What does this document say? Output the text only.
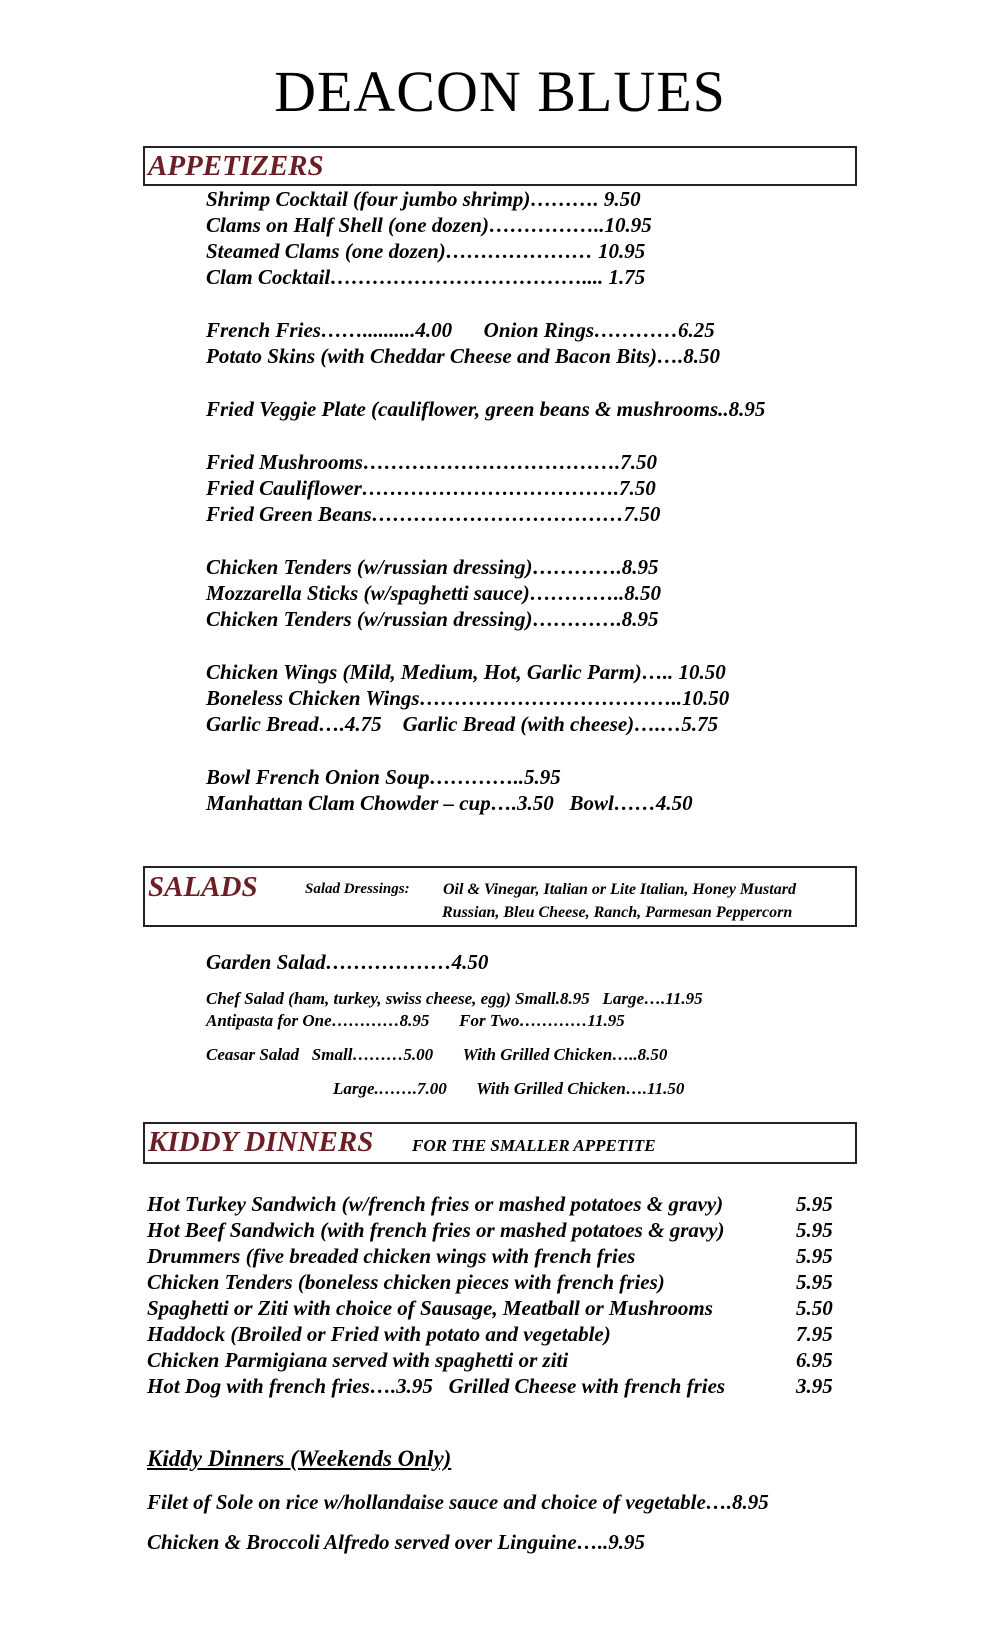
DEACON BLUES
APPETIZERS
Shrimp Cocktail (four jumbo shrimp)………. 9.50
Clams on Half Shell (one dozen)……………..10.95
Steamed Clams (one dozen)………………… 10.95
Clam Cocktail……………………………….... 1.75
French Fries……..........4.00      Onion Rings…………6.25
Potato Skins (with Cheddar Cheese and Bacon Bits)….8.50
Fried Veggie Plate (cauliflower, green beans & mushrooms..8.95
Fried Mushrooms……………………………….7.50
Fried Cauliflower……………………………….7.50
Fried Green Beans………………………………7.50
Chicken Tenders (w/russian dressing)………….8.95
Mozzarella Sticks (w/spaghetti sauce)…………..8.50
Chicken Tenders (w/russian dressing)………….8.95
Chicken Wings (Mild, Medium, Hot, Garlic Parm)….. 10.50
Boneless Chicken Wings………………………………..10.50
Garlic Bread….4.75    Garlic Bread (with cheese)….…5.75
Bowl French Onion Soup…………..5.95
Manhattan Clam Chowder – cup….3.50   Bowl……4.50
SALADS	Salad Dressings: Oil & Vinegar, Italian or Lite Italian, Honey Mustard
Russian, Bleu Cheese, Ranch, Parmesan Peppercorn
Garden Salad………………4.50
Chef Salad (ham, turkey, swiss cheese, egg) Small.8.95   Large….11.95
Antipasta for One…………8.95       For Two…………11.95
Ceasar Salad   Small………5.00       With Grilled Chicken…..8.50
Large.…….7.00       With Grilled Chicken….11.50
KIDDY DINNERS FOR THE SMALLER APPETITE
Hot Turkey Sandwich (w/french fries or mashed potatoes & gravy)	5.95
Hot Beef Sandwich (with french fries or mashed potatoes & gravy)	5.95
Drummers (five breaded chicken wings with french fries	5.95
Chicken Tenders (boneless chicken pieces with french fries)	5.95
Spaghetti or Ziti with choice of Sausage, Meatball or Mushrooms	5.50
Haddock (Broiled or Fried with potato and vegetable)	7.95
Chicken Parmigiana served with spaghetti or ziti	6.95
Hot Dog with french fries….3.95   Grilled Cheese with french fries	3.95
Kiddy Dinners (Weekends Only)
Filet of Sole on rice w/hollandaise sauce and choice of vegetable….8.95
Chicken & Broccoli Alfredo served over Linguine…..9.95
